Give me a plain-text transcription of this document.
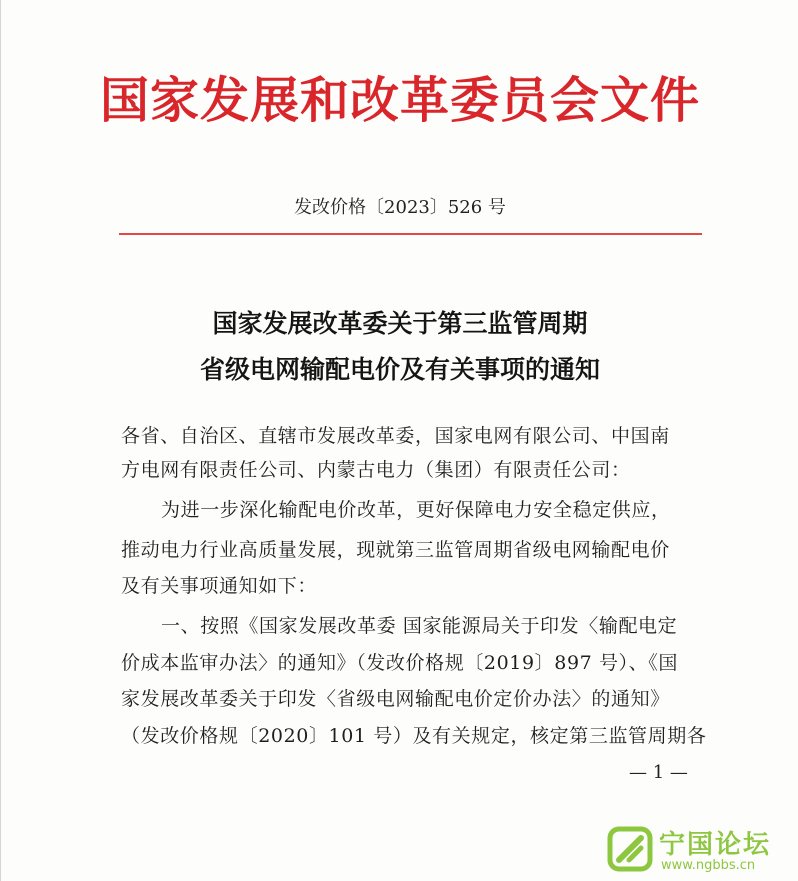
国家发展和改革委员会文件
发改价格〔2023〕526 号
国家发展改革委关于第三监管周期
省级电网输配电价及有关事项的通知
各省、自治区、直辖市发展改革委，国家电网有限公司、中国南
方电网有限责任公司、内蒙古电力（集团）有限责任公司：
为进一步深化输配电价改革，更好保障电力安全稳定供应，
推动电力行业高质量发展，现就第三监管周期省级电网输配电价
及有关事项通知如下：
一、按照《国家发展改革委 国家能源局关于印发〈输配电定
价成本监审办法〉的通知》（发改价格规〔2019〕897 号）、《国
家发展改革委关于印发〈省级电网输配电价定价办法〉的通知》
（发改价格规〔2020〕101 号）及有关规定，核定第三监管周期各
— 1 —
宁国论坛
www.ngbbs.cn
